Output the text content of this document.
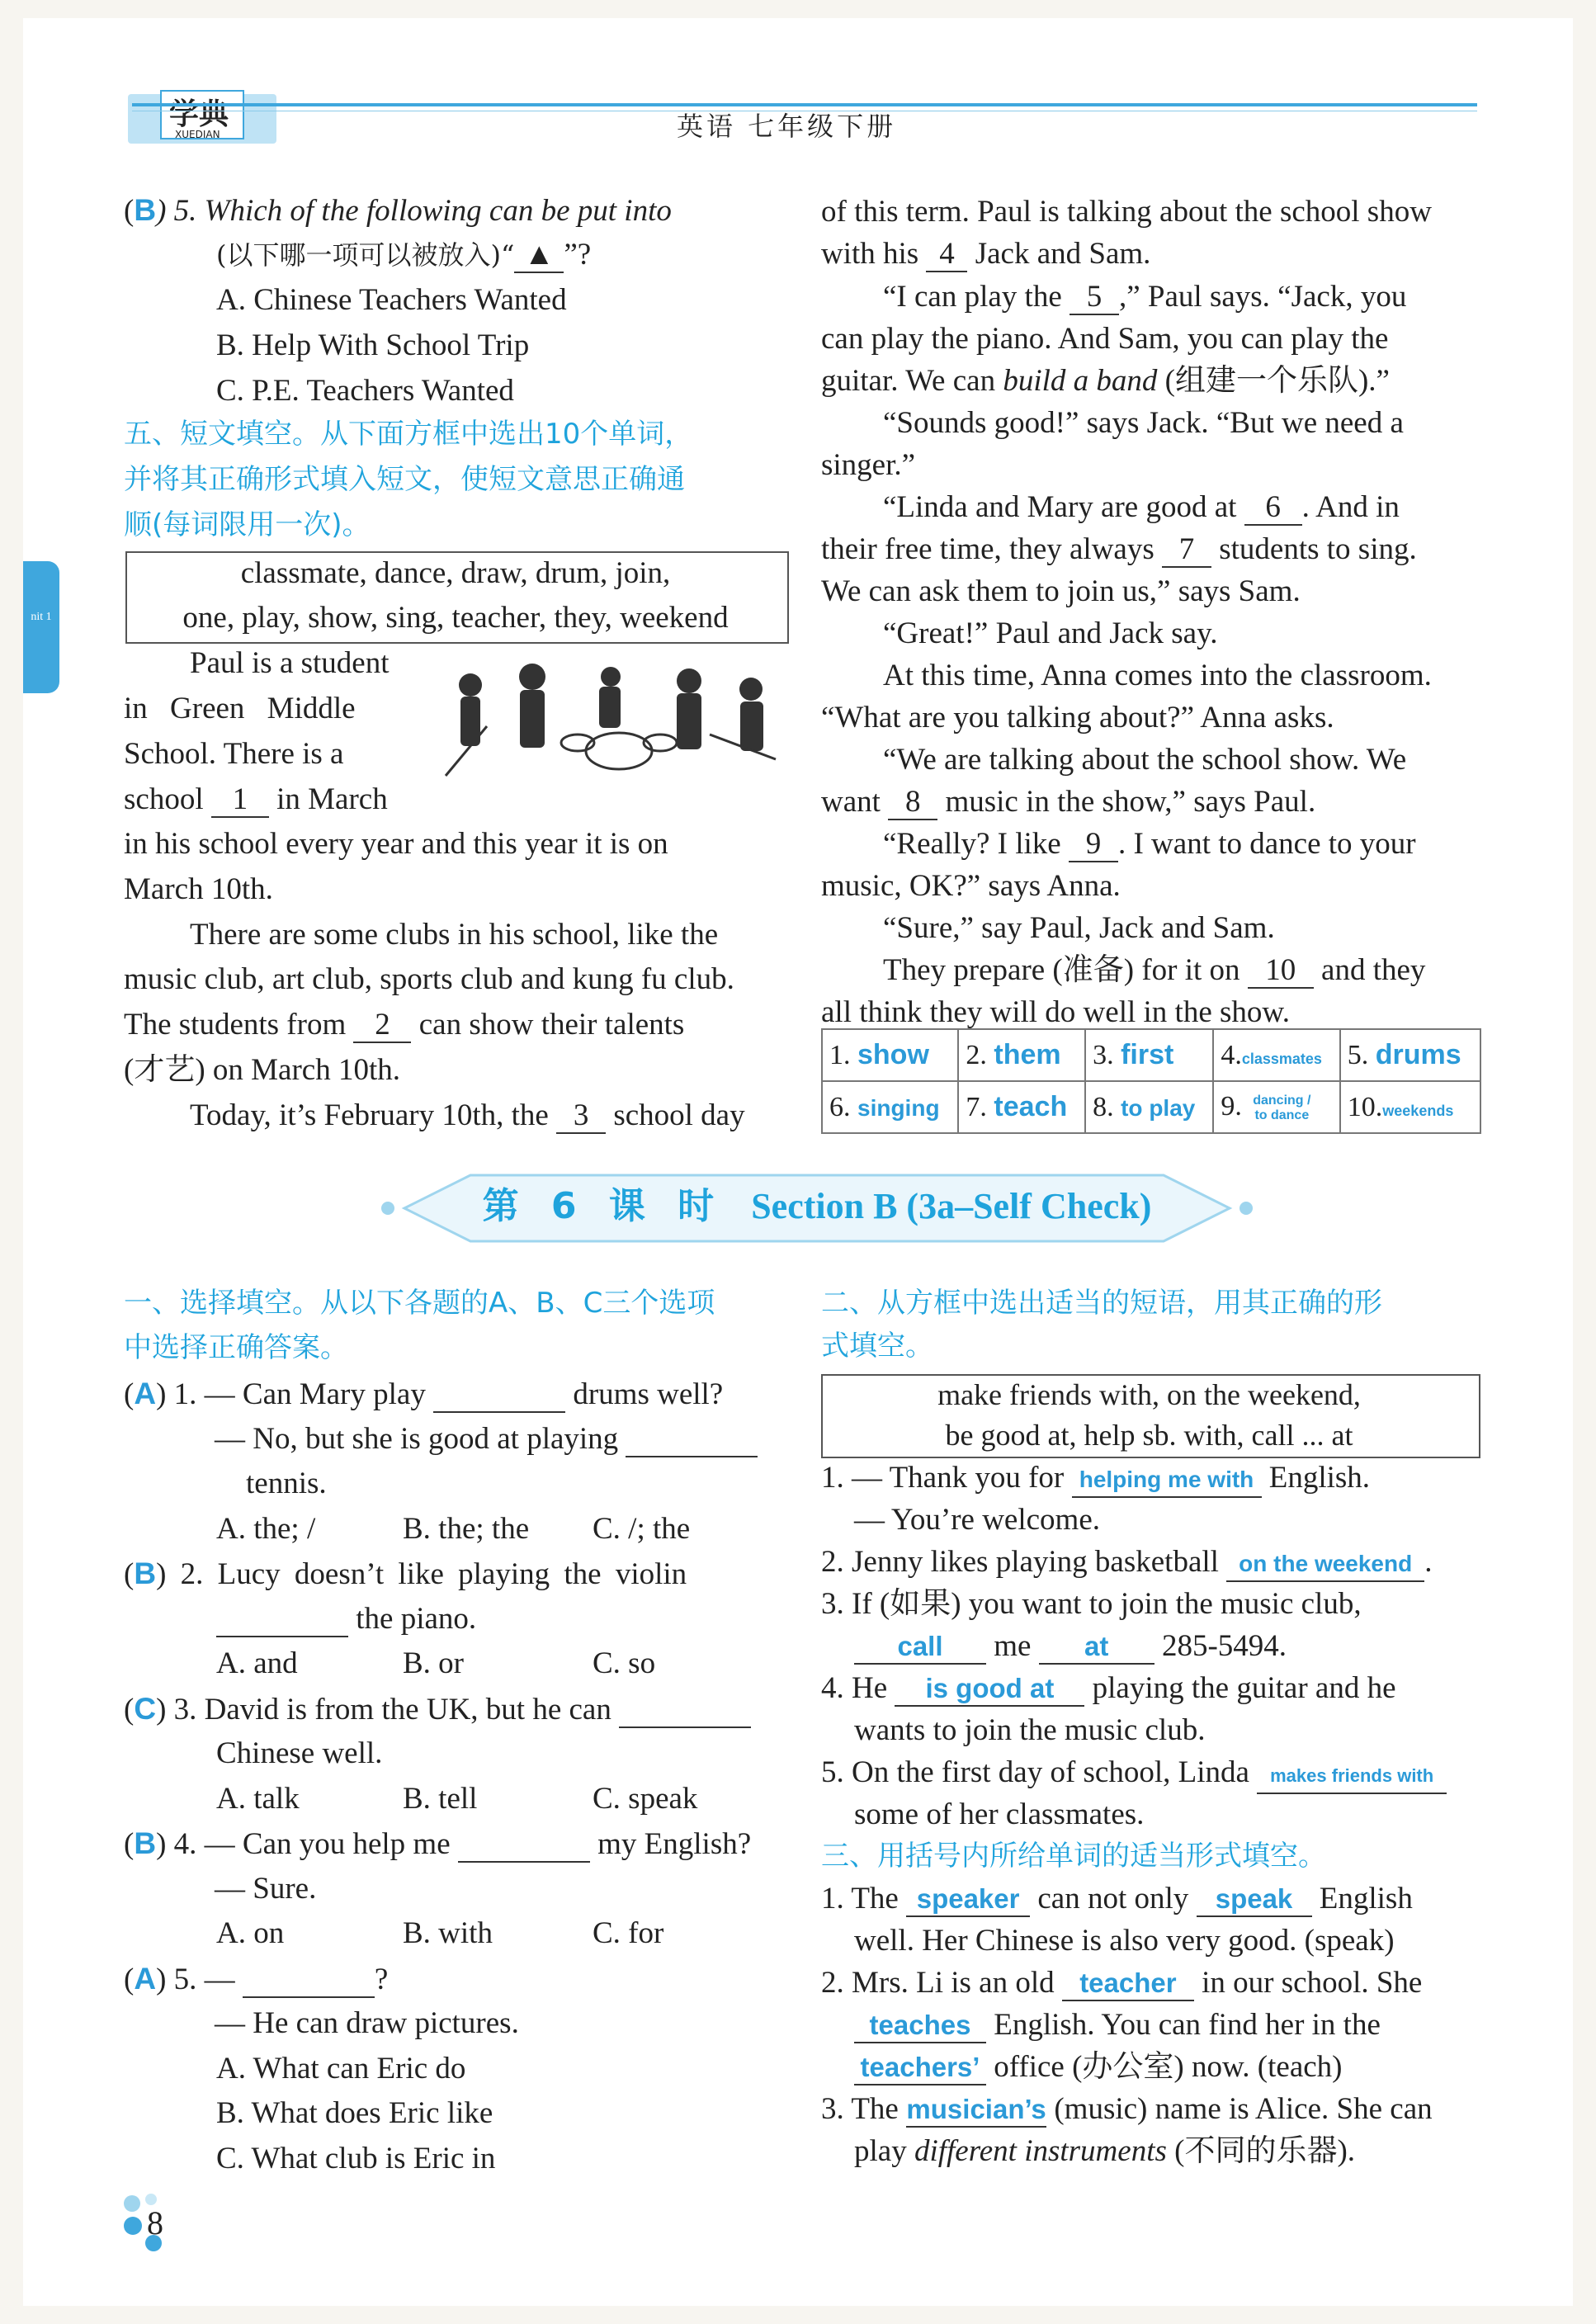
学典
XUEDIAN	英语 七年级下册
nit 1
(B) 5. Which of the following can be put into
(以下哪一项可以被放入)“ ▲ ”?
A. Chinese Teachers Wanted
B. Help With School Trip
C. P.E. Teachers Wanted
五、短文填空。从下面方框中选出10个单词，
并将其正确形式填入短文，使短文意思正确通
顺(每词限用一次)。
classmate, dance, draw, drum, join,
one, play, show, sing, teacher, they, weekend
Paul is a student
in Green Middle
School. There is a
school 1 in March
in his school every year and this year it is on
March 10th.
There are some clubs in his school, like the
music club, art club, sports club and kung fu club.
The students from 2 can show their talents
(才艺) on March 10th.
Today, it’s February 10th, the 3 school day
of this term. Paul is talking about the school show
with his 4 Jack and Sam.
“I can play the 5 ,” Paul says. “Jack, you
can play the piano. And Sam, you can play the
guitar. We can build a band (组建一个乐队).”
“Sounds good!” says Jack. “But we need a
singer.”
“Linda and Mary are good at 6 . And in
their free time, they always 7 students to sing.
We can ask them to join us,” says Sam.
“Great!” Paul and Jack say.
At this time, Anna comes into the classroom.
“What are you talking about?” Anna asks.
“We are talking about the school show. We
want 8 music in the show,” says Paul.
“Really? I like 9 . I want to dance to your
music, OK?” says Anna.
“Sure,” say Paul, Jack and Sam.
They prepare (准备) for it on 10 and they
all think they will do well in the show.
1. show	2. them	3. first	4.classmates	5. drums
6. singing	7. teach	8. to play	9. dancing / to dance	10.weekends
第 6 课 时 Section B (3a–Self Check)
一、选择填空。从以下各题的A、B、C三个选项
中选择正确答案。
(A) 1. — Can Mary play	drums well?
— No, but she is good at playing
tennis.
A. the; /	B. the; the C. /; the
(B) 2. Lucy doesn’t like playing the violin
the piano.
A. and	B. or	C. so
(C) 3. David is from the UK, but he can
Chinese well.
A. talk	B. tell	C. speak
(B) 4. — Can you help me	my English?
— Sure.
A. on	B. with	C. for
(A) 5. —	?
— He can draw pictures.
A. What can Eric do
B. What does Eric like
C. What club is Eric in
二、从方框中选出适当的短语，用其正确的形
式填空。
make friends with, on the weekend,
be good at, help sb. with, call ... at
1. — Thank you for helping me with English.
— You’re welcome.
2. Jenny likes playing basketball on the weekend .
3. If (如果) you want to join the music club,
call me at 285-5494.
4. He is good at playing the guitar and he
wants to join the music club.
5. On the first day of school, Linda makes friends with
some of her classmates.
三、用括号内所给单词的适当形式填空。
1. The speaker can not only speak English
well. Her Chinese is also very good. (speak)
2. Mrs. Li is an old teacher in our school. She
teaches English. You can find her in the
teachers’ office (办公室) now. (teach)
3. The musician’s (music) name is Alice. She can
play different instruments (不同的乐器).
8
